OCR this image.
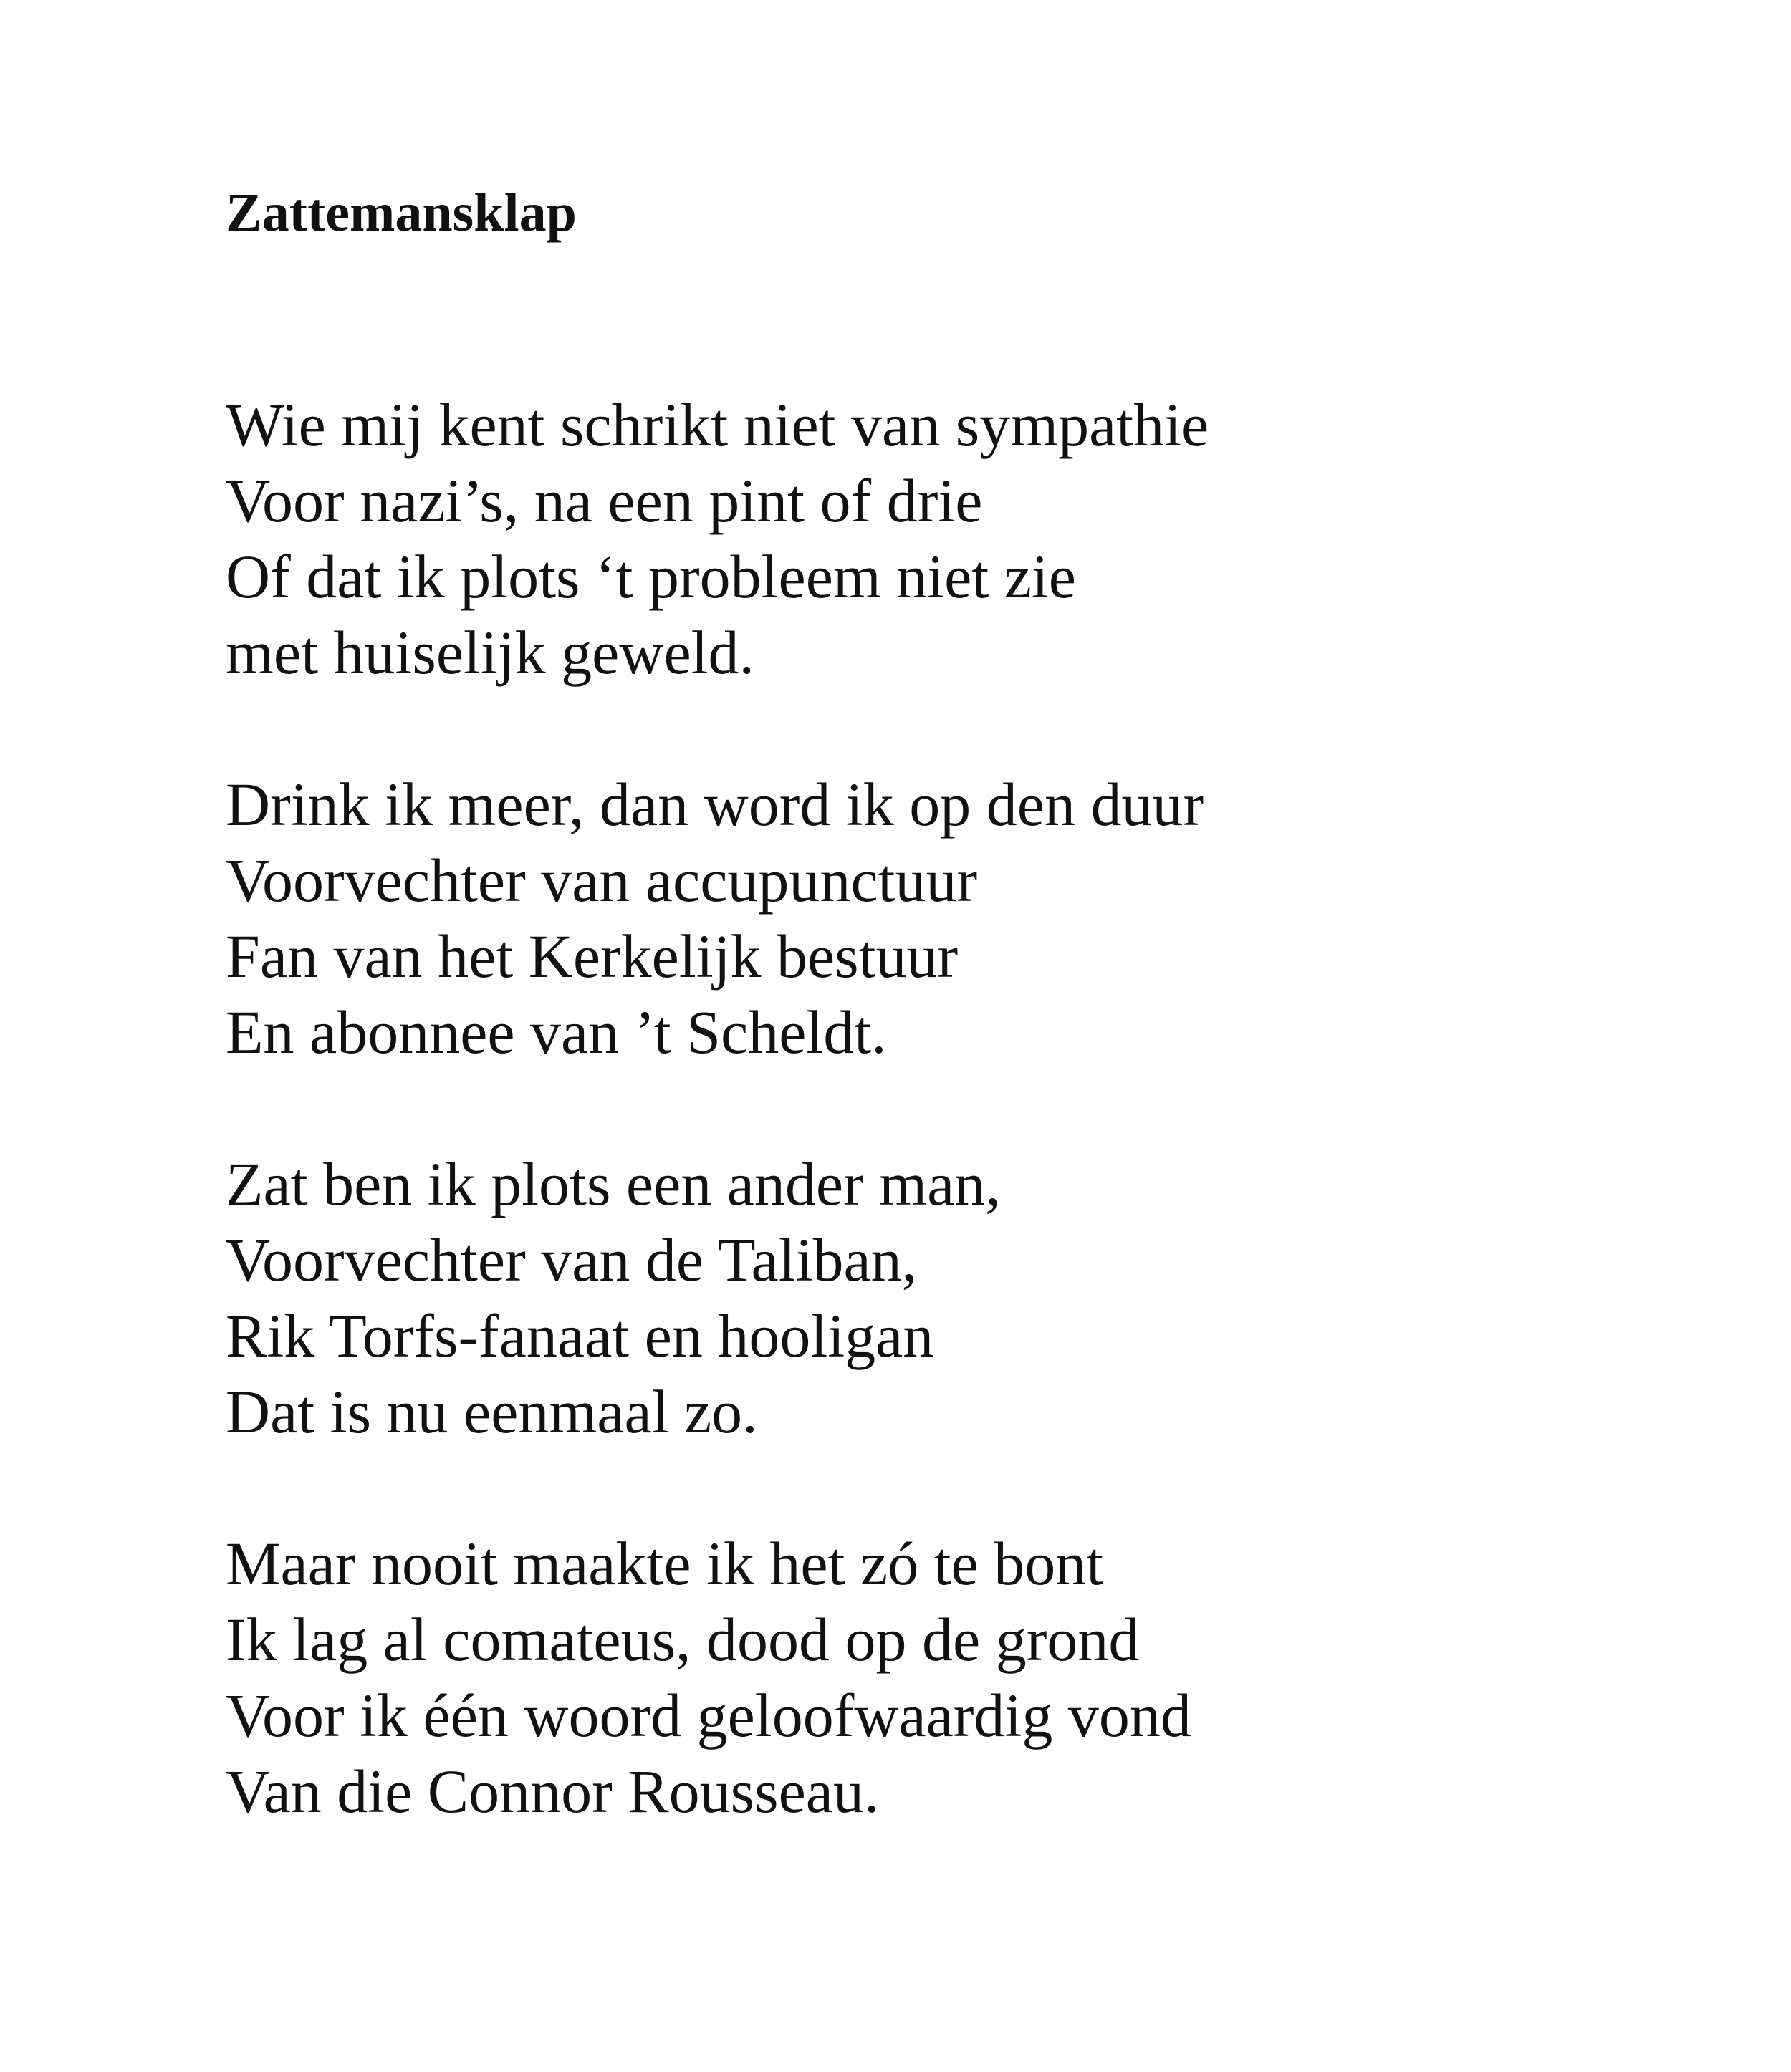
Zattemansklap
Wie mij kent schrikt niet van sympathie
Voor nazi’s, na een pint of drie
Of dat ik plots ‘t probleem niet zie
met huiselijk geweld.
Drink ik meer, dan word ik op den duur
Voorvechter van accupunctuur
Fan van het Kerkelijk bestuur
En abonnee van ’t Scheldt.
Zat ben ik plots een ander man,
Voorvechter van de Taliban,
Rik Torfs-fanaat en hooligan
Dat is nu eenmaal zo.
Maar nooit maakte ik het zó te bont
Ik lag al comateus, dood op de grond
Voor ik één woord geloofwaardig vond
Van die Connor Rousseau.
